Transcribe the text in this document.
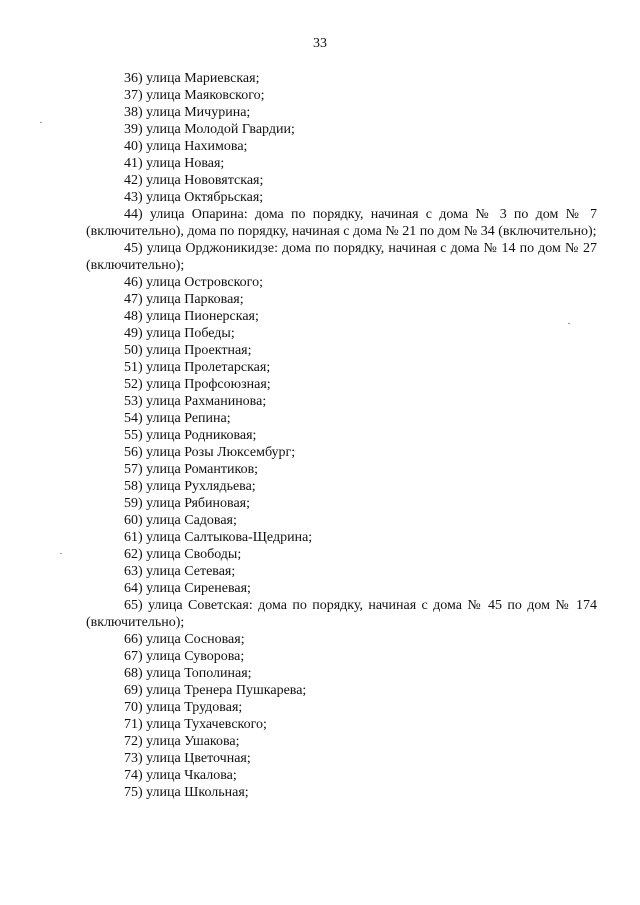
33

36) улица Мариевская;

37) улица Маяковского;

38) улица Мичурина;

39) улица Молодой Гвардии;

40) улица Нахимова;

41) улица Новая;

42) улица Нововятская;

43) улица Октябрьская;

44) улица Опарина: дома по порядку, начиная с дома № 3 по дом № 7 (включительно), дома по порядку, начиная с дома № 21 по дом № 34 (включительно);

45) улица Орджоникидзе: дома по порядку, начиная с дома № 14 по дом № 27 (включительно);

46) улица Островского;

47) улица Парковая;

48) улица Пионерская;

49) улица Победы;

50) улица Проектная;

51) улица Пролетарская;

52) улица Профсоюзная;

53) улица Рахманинова;

54) улица Репина;

55) улица Родниковая;

56) улица Розы Люксембург;

57) улица Романтиков;

58) улица Рухлядьева;

59) улица Рябиновая;

60) улица Садовая;

61) улица Салтыкова-Щедрина;

62) улица Свободы;

63) улица Сетевая;

64) улица Сиреневая;

65) улица Советская: дома по порядку, начиная с дома № 45 по дом № 174 (включительно);

66) улица Сосновая;

67) улица Суворова;

68) улица Тополиная;

69) улица Тренера Пушкарева;

70) улица Трудовая;

71) улица Тухачевского;

72) улица Ушакова;

73) улица Цветочная;

74) улица Чкалова;

75) улица Школьная;
